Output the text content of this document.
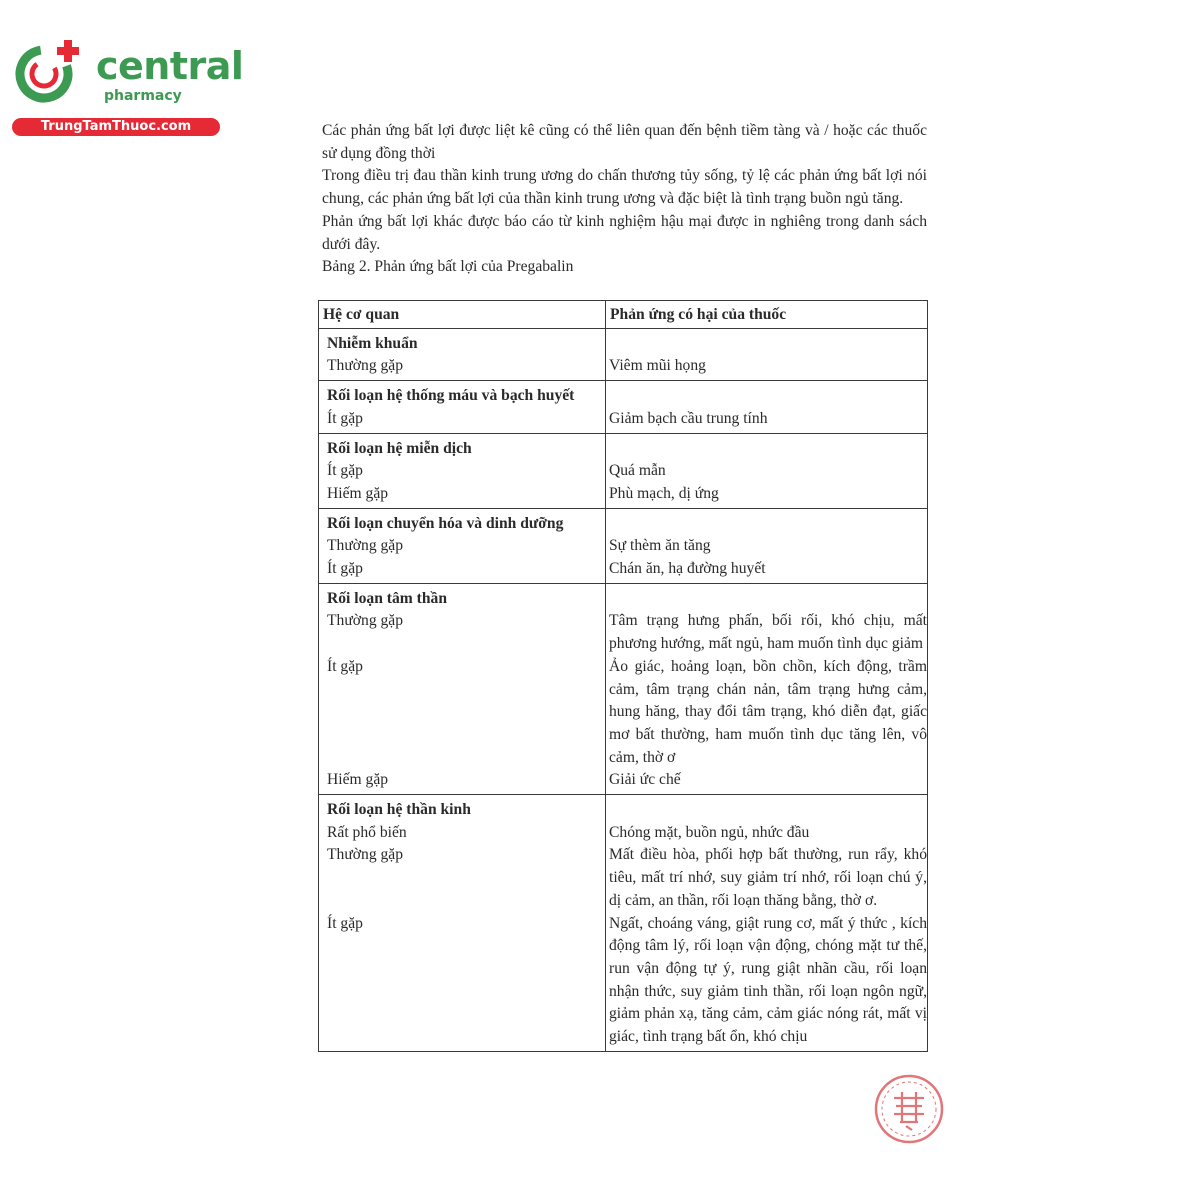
central
pharmacy
TrungTamThuoc.com	Các phản ứng bất lợi được liệt kê cũng có thể liên quan đến bệnh tiềm tàng và / hoặc các thuốc sử dụng đồng thời

Trong điều trị đau thần kinh trung ương do chấn thương tủy sống, tỷ lệ các phản ứng bất lợi nói chung, các phản ứng bất lợi của thần kinh trung ương và đặc biệt là tình trạng buồn ngủ tăng.

Phản ứng bất lợi khác được báo cáo từ kinh nghiệm hậu mại được in nghiêng trong danh sách dưới đây.

Bảng 2. Phản ứng bất lợi của Pregabalin

Hệ cơ quan	Phản ứng có hại của thuốc

Nhiễm khuẩn
Thường gặp	Viêm mũi họng

Rối loạn hệ thống máu và bạch huyết
Ít gặp	Giảm bạch cầu trung tính

Rối loạn hệ miễn dịch
Ít gặp	Quá mẫn
Hiếm gặp	Phù mạch, dị ứng

Rối loạn chuyển hóa và dinh dưỡng
Thường gặp	Sự thèm ăn tăng
Ít gặp	Chán ăn, hạ đường huyết

Rối loạn tâm thần
Thường gặp	Tâm trạng hưng phấn, bối rối, khó chịu, mất phương hướng, mất ngủ, ham muốn tình dục giảm
Ít gặp	Ảo giác, hoảng loạn, bồn chồn, kích động, trầm cảm, tâm trạng chán nản, tâm trạng hưng cảm, hung hăng, thay đổi tâm trạng, khó diễn đạt, giấc mơ bất thường, ham muốn tình dục tăng lên, vô cảm, thờ ơ
Hiếm gặp	Giải ức chế

Rối loạn hệ thần kinh
Rất phổ biến	Chóng mặt, buồn ngủ, nhức đầu
Thường gặp	Mất điều hòa, phối hợp bất thường, run rẩy, khó tiêu, mất trí nhớ, suy giảm trí nhớ, rối loạn chú ý, dị cảm, an thần, rối loạn thăng bằng, thờ ơ.
Ít gặp	Ngất, choáng váng, giật rung cơ, mất ý thức , kích động tâm lý, rối loạn vận động, chóng mặt tư thế, run vận động tự ý, rung giật nhãn cầu, rối loạn nhận thức, suy giảm tinh thần, rối loạn ngôn ngữ, giảm phản xạ, tăng cảm, cảm giác nóng rát, mất vị giác, tình trạng bất ổn, khó chịu
